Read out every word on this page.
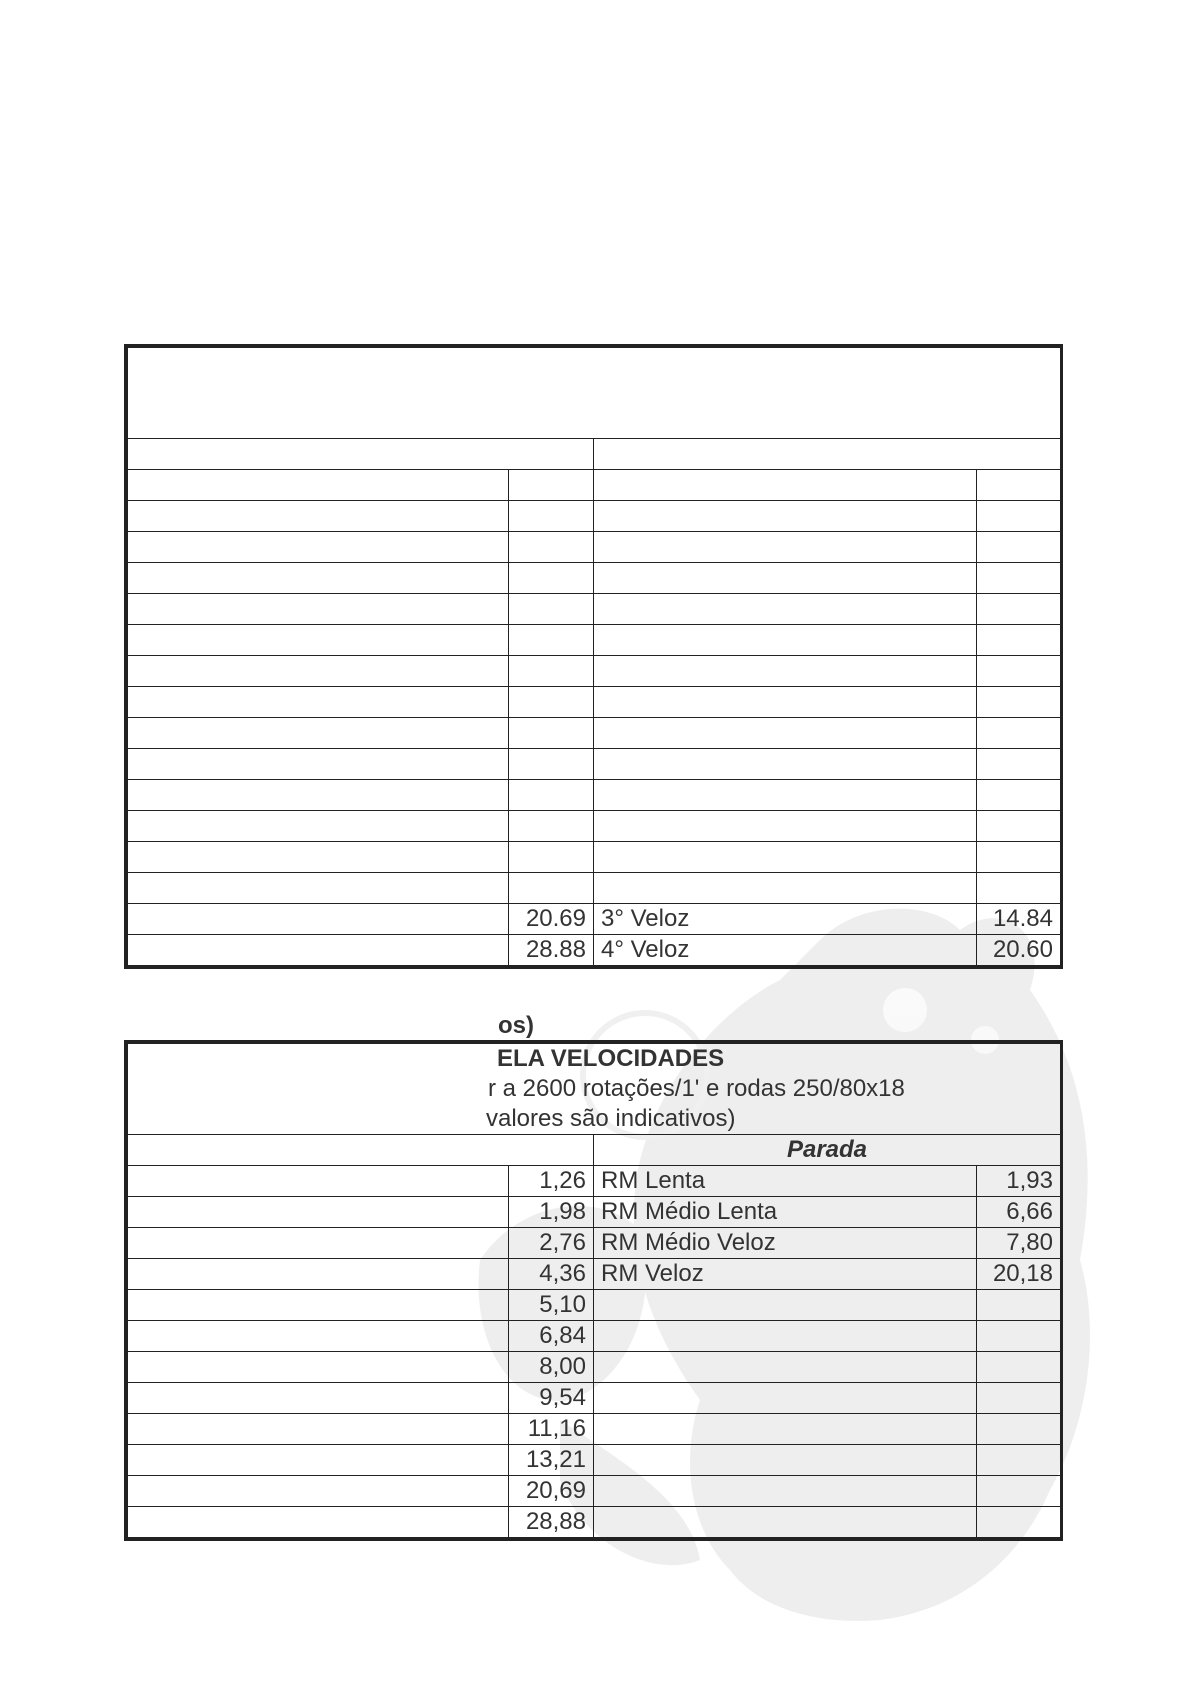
	20.69	3° Veloz	14.84
	28.88	4° Veloz	20.60
os)
ELA VELOCIDADES
r a 2600 rotações/1' e rodas 250/80x18
valores são indicativos)			

		Parada	
	1,26	RM Lenta	1,93
	1,98	RM Médio Lenta	6,66
	2,76	RM Médio Veloz	7,80
	4,36	RM Veloz	20,18
	5,10		
	6,84		
	8,00		
	9,54		
	11,16		
	13,21		
	20,69		
	28,88		
